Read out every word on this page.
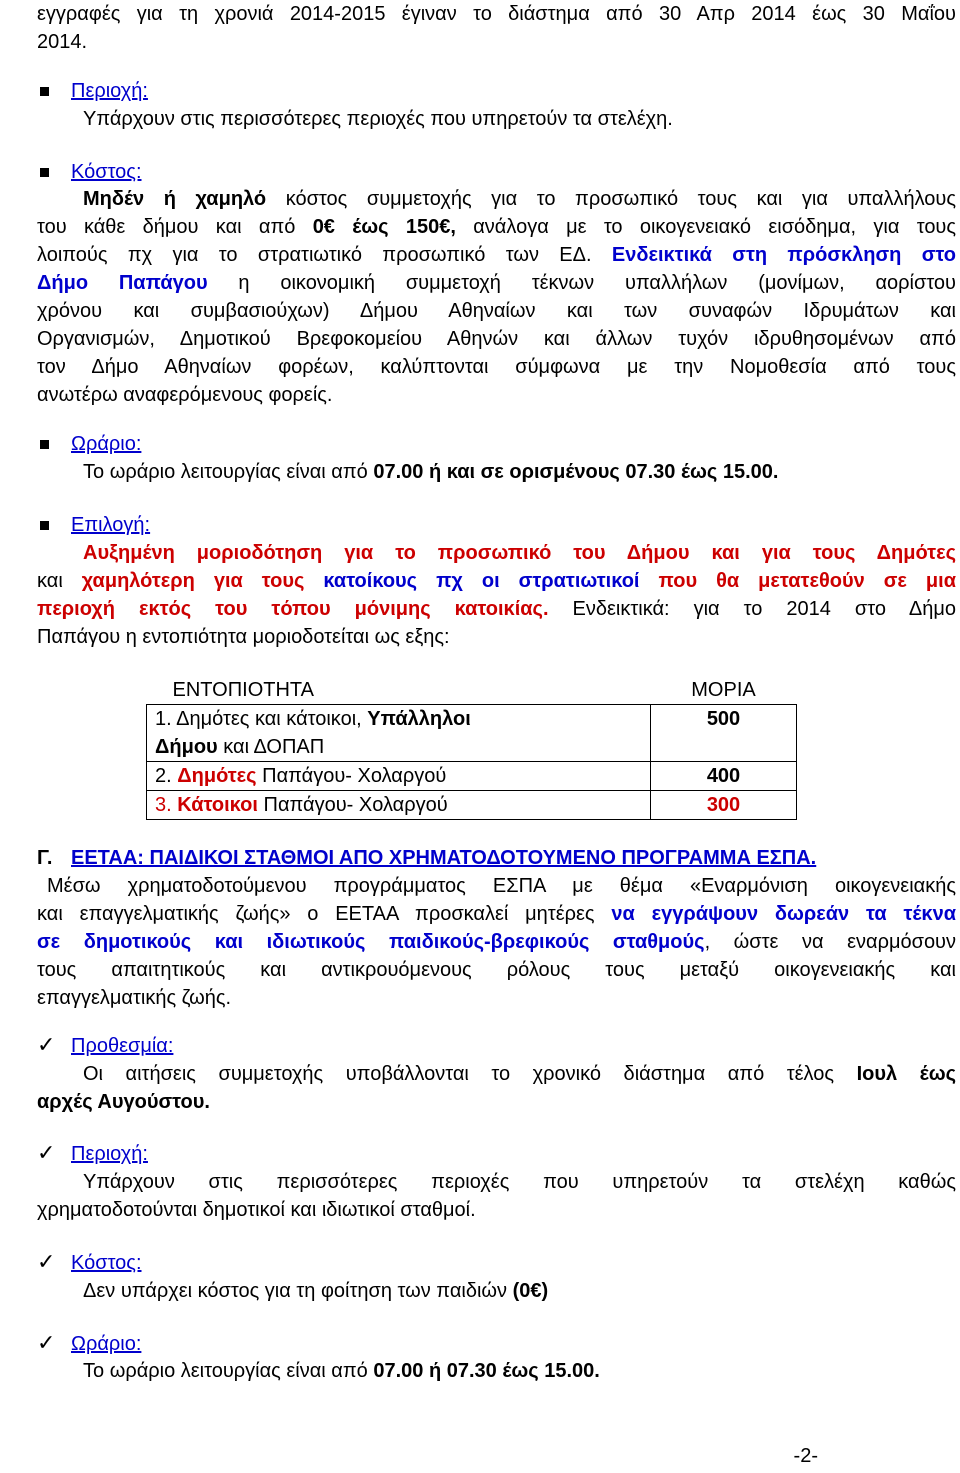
εγγραφές για τη χρονιά 2014-2015 έγιναν το διάστημα από 30 Απρ 2014 έως 30 Μαΐου
2014.
Περιοχή:
Υπάρχουν στις περισσότερες περιοχές που υπηρετούν τα στελέχη.
Κόστος:
Μηδέν ή χαμηλό κόστος συμμετοχής για το προσωπικό τους και για υπαλλήλους
του κάθε δήμου και από 0€ έως 150€, ανάλογα με το οικογενειακό εισόδημα, για τους
λοιπούς πχ για το στρατιωτικό προσωπικό των ΕΔ. Ενδεικτικά στη πρόσκληση στο
Δήμο Παπάγου η οικονομική συμμετοχή τέκνων υπαλλήλων (μονίμων, αορίστου
χρόνου και συμβασιούχων) Δήμου Αθηναίων και των συναφών Ιδρυμάτων και
Οργανισμών, Δημοτικού Βρεφοκομείου Αθηνών και άλλων τυχόν ιδρυθησομένων από
τον Δήμο Αθηναίων φορέων, καλύπτονται σύμφωνα με την Νομοθεσία από τους
ανωτέρω αναφερόμενους φορείς.
Ωράριο:
Το ωράριο λειτουργίας είναι από 07.00 ή και σε ορισμένους 07.30 έως 15.00.
Επιλογή:
Αυξημένη μοριοδότηση για το προσωπικό του Δήμου και για τους Δημότες
και χαμηλότερη για τους κατοίκους πχ οι στρατιωτικοί που θα μετατεθούν σε μια
περιοχή εκτός του τόπου μόνιμης κατοικίας. Ενδεικτικά: για το 2014 στο Δήμο
Παπάγου η εντοπιότητα μοριοδοτείται ως εξης:
ΕΝΤΟΠΙΟΤΗΤΑ	ΜΟΡΙΑ
1. Δημότες και κάτοικοι, Υπάλληλοι
Δήμου και ΔΟΠΑΠ	500
2. Δημότες Παπάγου- Χολαργού	400
3. Κάτοικοι Παπάγου- Χολαργού	300
Γ. ΕΕΤΑΑ: ΠΑΙΔΙΚΟΙ ΣΤΑΘΜΟΙ ΑΠΟ ΧΡΗΜΑΤΟΔΟΤΟΥΜΕΝΟ ΠΡΟΓΡΑΜΜΑ ΕΣΠΑ.
Μέσω χρηματοδοτούμενου προγράμματος ΕΣΠΑ με θέμα «Εναρμόνιση οικογενειακής
και επαγγελματικής ζωής» ο ΕΕΤΑΑ προσκαλεί μητέρες να εγγράψουν δωρεάν τα τέκνα
σε δημοτικούς και ιδιωτικούς παιδικούς-βρεφικούς σταθμούς, ώστε να εναρμόσουν
τους απαιτητικούς και αντικρουόμενους ρόλους τους μεταξύ οικογενειακής και
επαγγελματικής ζωής.
✓ Προθεσμία:
Οι αιτήσεις συμμετοχής υποβάλλονται το χρονικό διάστημα από τέλος Ιουλ έως
αρχές Αυγούστου.
✓ Περιοχή:
Υπάρχουν στις περισσότερες περιοχές που υπηρετούν τα στελέχη καθώς
χρηματοδοτούνται δημοτικοί και ιδιωτικοί σταθμοί.
✓ Κόστος:
Δεν υπάρχει κόστος για τη φοίτηση των παιδιών (0€)
✓ Ωράριο:
Το ωράριο λειτουργίας είναι από 07.00 ή 07.30 έως 15.00.
-2-
